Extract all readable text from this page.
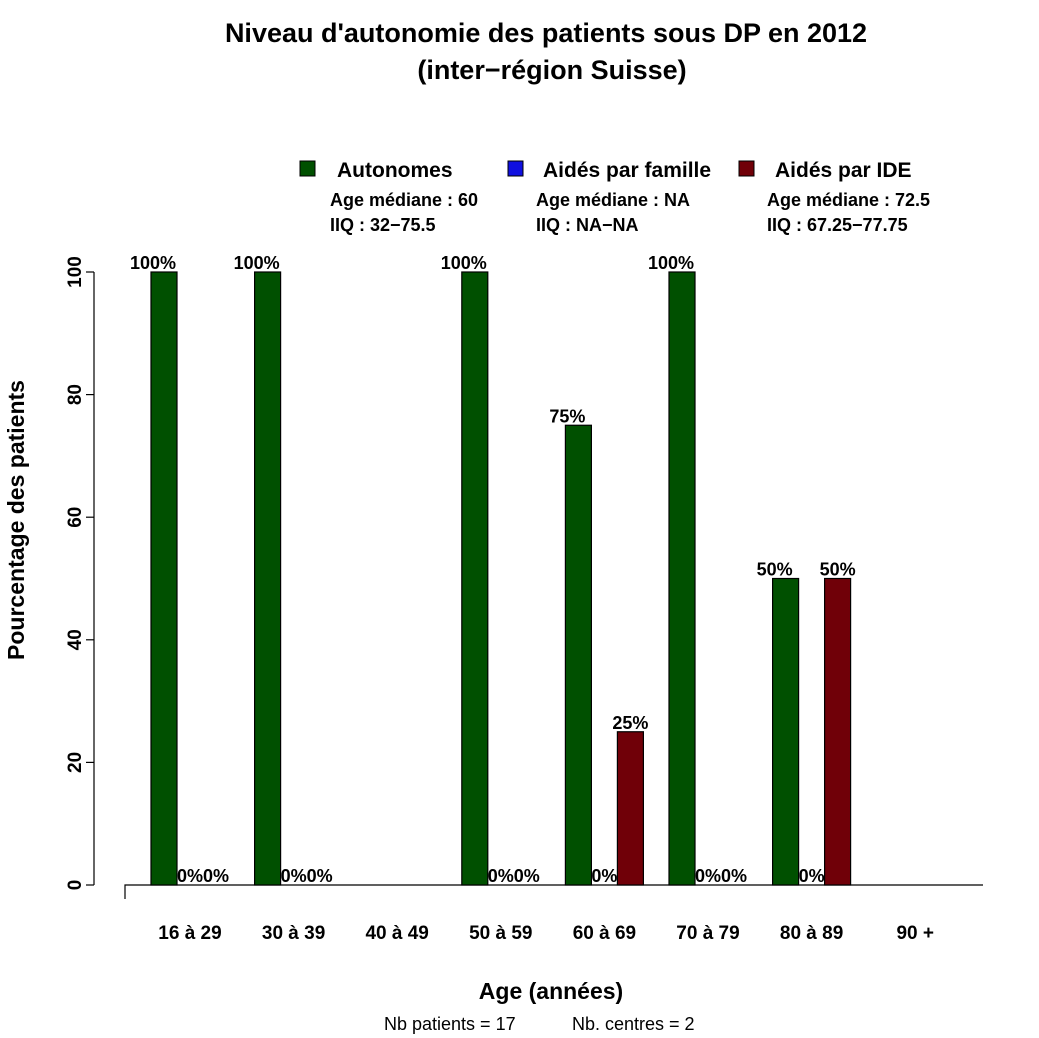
Niveau d'autonomie des patients sous DP en 2012
(inter−région Suisse)
Autonomes
Age médiane : 60
IIQ : 32−75.5
Aidés par famille
Age médiane : NA
IIQ : NA−NA
Aidés par IDE
Age médiane : 72.5
IIQ : 67.25−77.75
0
20
40
60
80
100
16 à 29 30 à 39 40 à 49 50 à 59 60 à 69 70 à 79 80 à 89	90 +
100%	100%	100%
75%
100%
50%
0%	0%	0%	0%	0%	0%
0%	0%	0%
25%
0%
50%
Pourcentage des patients
Age (années)
Nb patients = 17	Nb. centres = 2
